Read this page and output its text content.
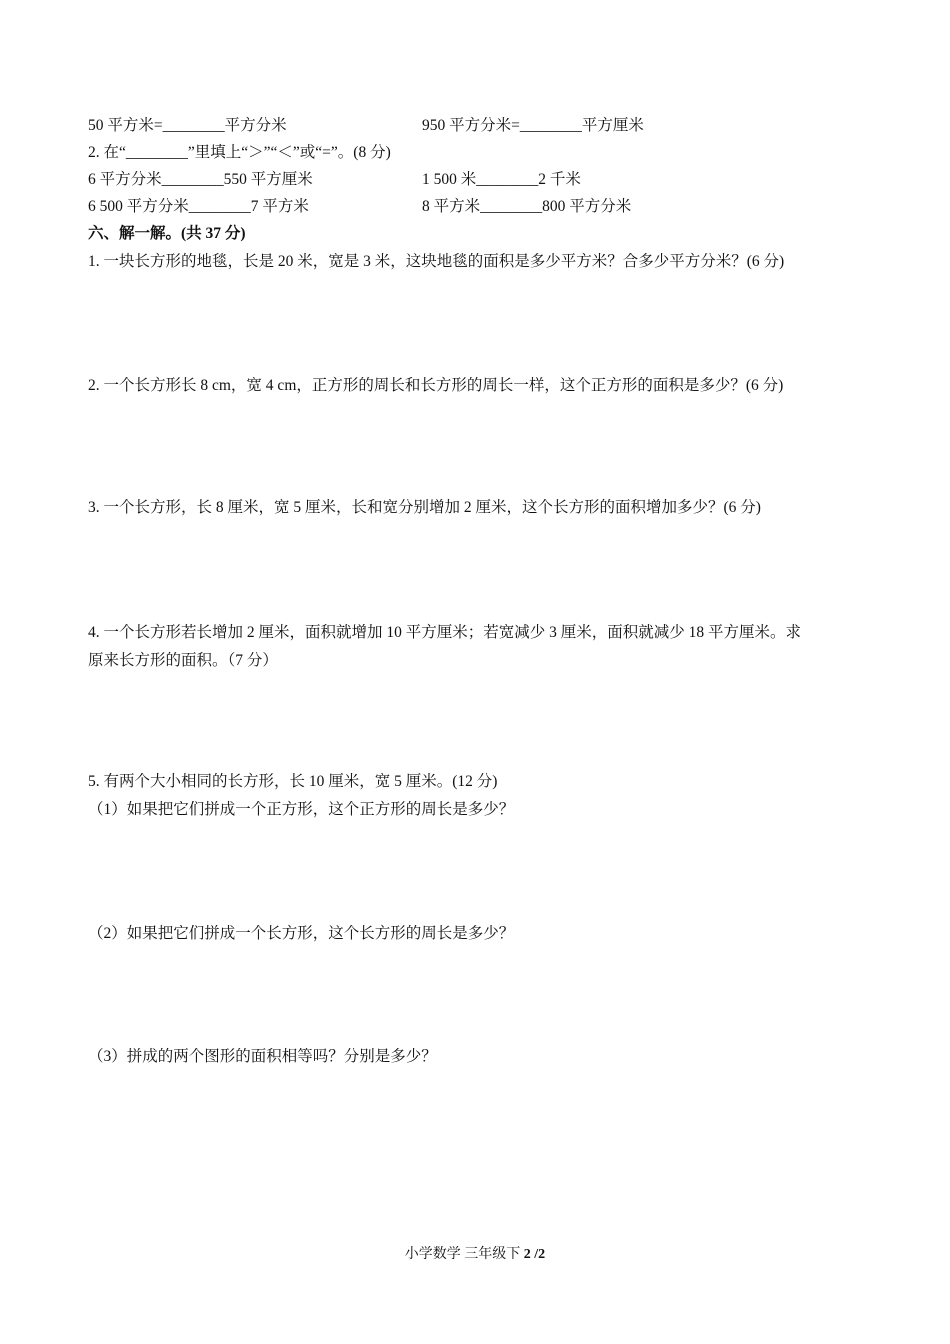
50 平方米=________平方分米	950 平方分米=________平方厘米
2. 在“________”里填上“＞”“＜”或“=”。(8 分)
6 平方分米________550 平方厘米	1 500 米________2 千米
6 500 平方分米________7 平方米	8 平方米________800 平方分米
六、解一解。(共 37 分)
1. 一块长方形的地毯，长是 20 米，宽是 3 米，这块地毯的面积是多少平方米？合多少平方分米？(6 分)
2. 一个长方形长 8 cm，宽 4 cm，正方形的周长和长方形的周长一样，这个正方形的面积是多少？(6 分)
3. 一个长方形，长 8 厘米，宽 5 厘米，长和宽分别增加 2 厘米，这个长方形的面积增加多少？(6 分)
4. 一个长方形若长增加 2 厘米，面积就增加 10 平方厘米；若宽减少 3 厘米，面积就减少 18 平方厘米。求
原来长方形的面积。（7 分）
5. 有两个大小相同的长方形，长 10 厘米，宽 5 厘米。(12 分)
（1）如果把它们拼成一个正方形，这个正方形的周长是多少？
（2）如果把它们拼成一个长方形，这个长方形的周长是多少？
（3）拼成的两个图形的面积相等吗？分别是多少？
小学数学 三年级下 2 /2
